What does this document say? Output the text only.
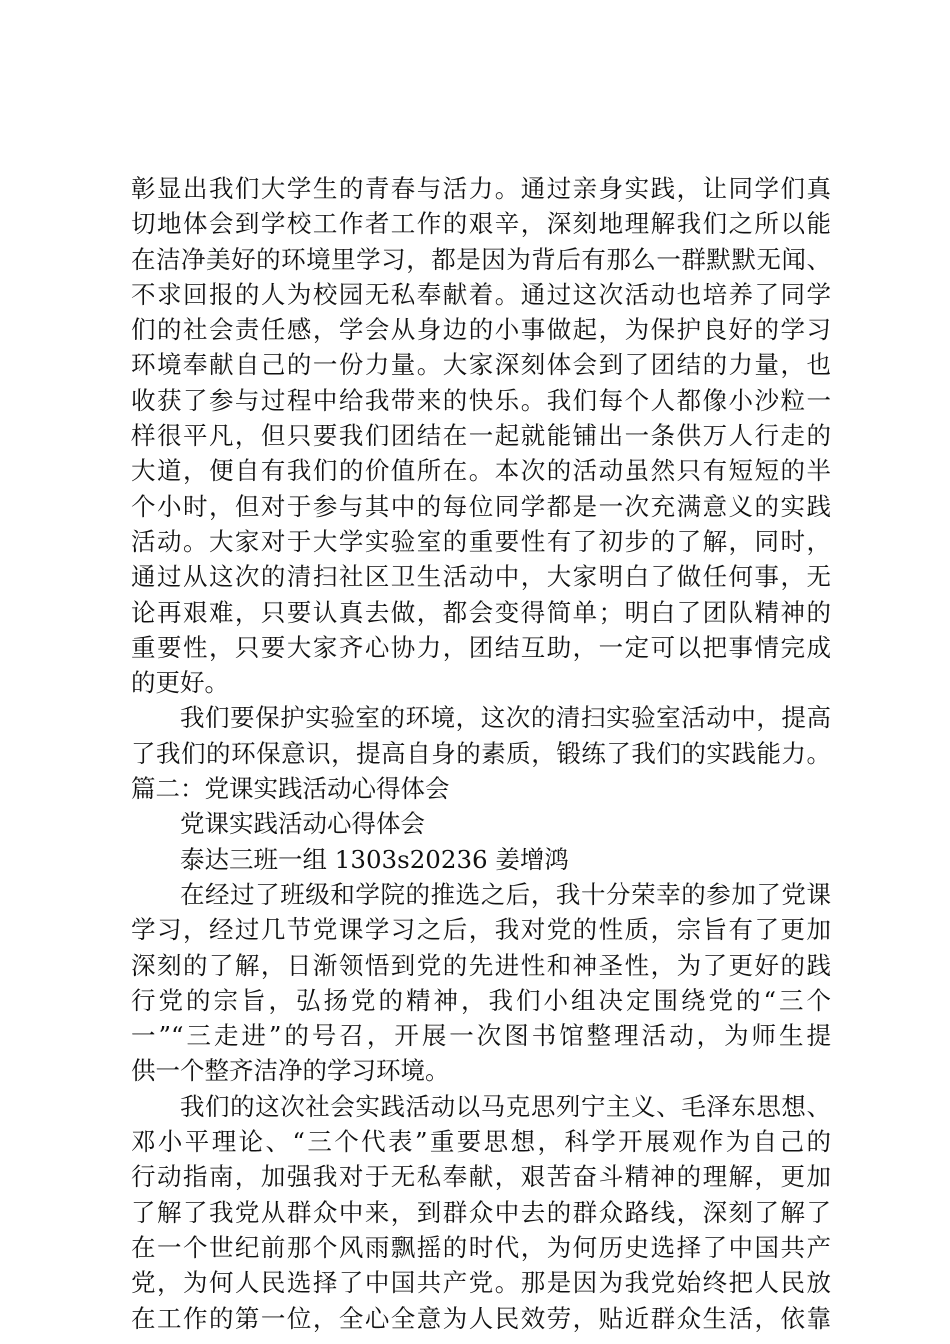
彰显出我们大学生的青春与活力。通过亲身实践，让同学们真
切地体会到学校工作者工作的艰辛，深刻地理解我们之所以能
在洁净美好的环境里学习，都是因为背后有那么一群默默无闻、
不求回报的人为校园无私奉献着。通过这次活动也培养了同学
们的社会责任感，学会从身边的小事做起，为保护良好的学习
环境奉献自己的一份力量。大家深刻体会到了团结的力量，也
收获了参与过程中给我带来的快乐。我们每个人都像小沙粒一
样很平凡，但只要我们团结在一起就能铺出一条供万人行走的
大道，便自有我们的价值所在。本次的活动虽然只有短短的半
个小时，但对于参与其中的每位同学都是一次充满意义的实践
活动。大家对于大学实验室的重要性有了初步的了解，同时，
通过从这次的清扫社区卫生活动中，大家明白了做任何事，无
论再艰难，只要认真去做，都会变得简单；明白了团队精神的
重要性，只要大家齐心协力，团结互助，一定可以把事情完成
的更好。
我们要保护实验室的环境，这次的清扫实验室活动中，提高
了我们的环保意识，提高自身的素质，锻练了我们的实践能力。
篇二：党课实践活动心得体会
党课实践活动心得体会
泰达三班一组 1303s20236 姜增鸿
在经过了班级和学院的推选之后，我十分荣幸的参加了党课
学习，经过几节党课学习之后，我对党的性质，宗旨有了更加
深刻的了解，日渐领悟到党的先进性和神圣性，为了更好的践
行党的宗旨，弘扬党的精神，我们小组决定围绕党的“三个
一”“三走进”的号召，开展一次图书馆整理活动，为师生提
供一个整齐洁净的学习环境。
我们的这次社会实践活动以马克思列宁主义、毛泽东思想、
邓小平理论、“三个代表”重要思想，科学开展观作为自己的
行动指南，加强我对于无私奉献，艰苦奋斗精神的理解，更加
了解了我党从群众中来，到群众中去的群众路线，深刻了解了
在一个世纪前那个风雨飘摇的时代，为何历史选择了中国共产
党，为何人民选择了中国共产党。那是因为我党始终把人民放
在工作的第一位，全心全意为人民效劳，贴近群众生活，依靠
